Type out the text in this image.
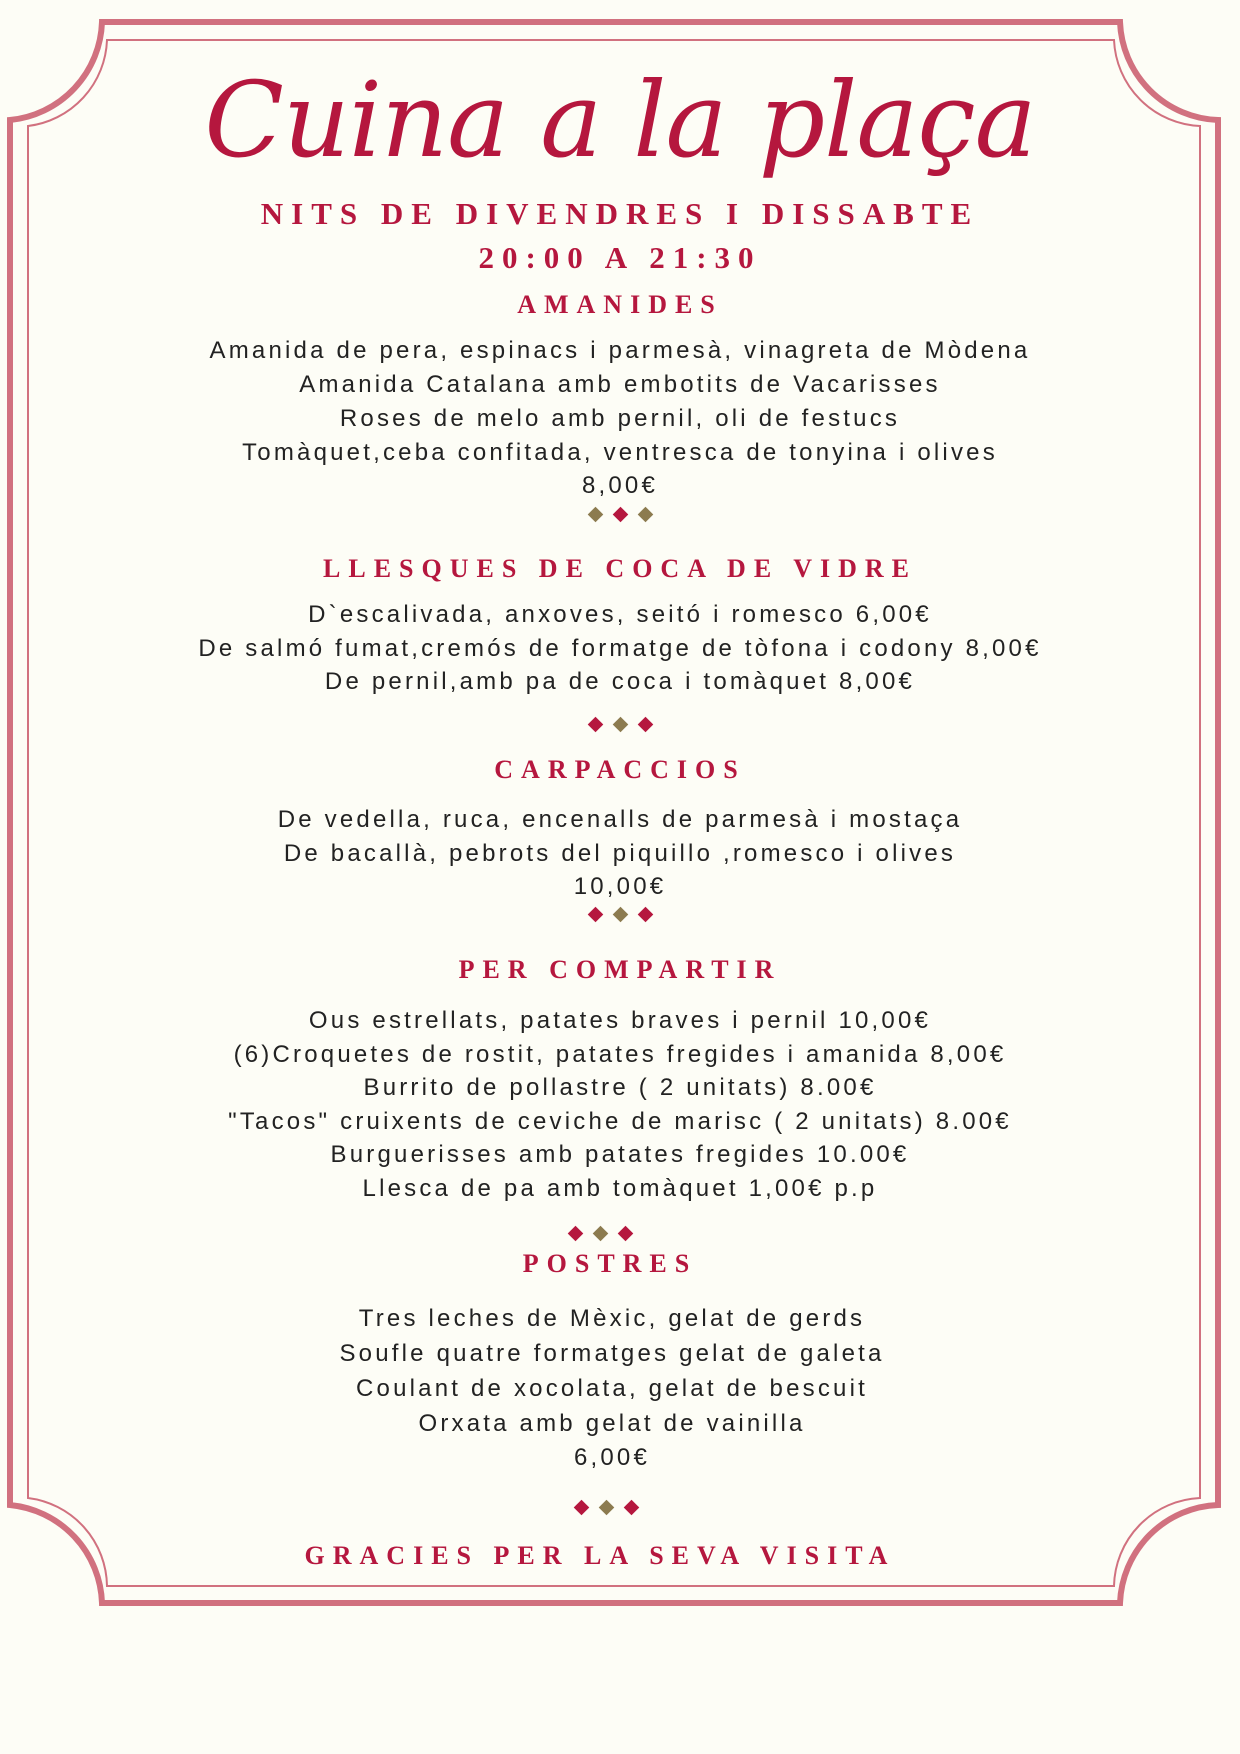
Cuina a la plaça
NITS DE DIVENDRES I DISSABTE
20:00 A 21:30
AMANIDES
Amanida de pera, espinacs i parmesà, vinagreta de Mòdena
Amanida Catalana amb embotits de Vacarisses
Roses de melo amb pernil, oli de festucs
Tomàquet,ceba confitada, ventresca de tonyina i olives
8,00€
LLESQUES DE COCA DE VIDRE
D`escalivada, anxoves, seitó i romesco 6,00€
De salmó fumat,cremós de formatge de tòfona i codony 8,00€
De pernil,amb pa de coca i tomàquet 8,00€
CARPACCIOS
De vedella, ruca, encenalls de parmesà i mostaça
De bacallà, pebrots del piquillo ,romesco i olives
10,00€
PER COMPARTIR
Ous estrellats, patates braves i pernil 10,00€
(6)Croquetes de rostit, patates fregides i amanida 8,00€
Burrito de pollastre ( 2 unitats) 8.00€
"Tacos" cruixents de ceviche de marisc ( 2 unitats) 8.00€
Burguerisses amb patates fregides 10.00€
Llesca de pa amb tomàquet 1,00€ p.p
POSTRES
Tres leches de Mèxic, gelat de gerds
Soufle quatre formatges gelat de galeta
Coulant de xocolata, gelat de bescuit
Orxata amb gelat de vainilla
6,00€
GRACIES PER LA SEVA VISITA
